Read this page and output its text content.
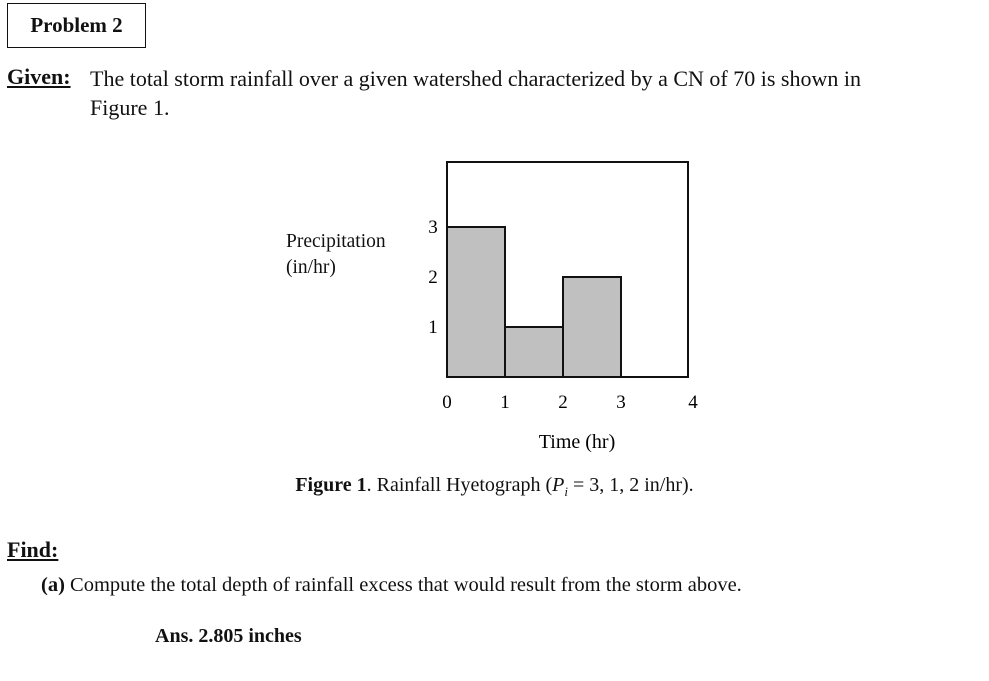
Problem 2
Given: The total storm rainfall over a given watershed characterized by a CN of 70 is shown in
Figure 1.
Precipitation
(in/hr)
0	1	2	3	4
1
2
3
Time (hr)
Figure 1. Rainfall Hyetograph ($P_i = 3$, 1, 2 in/hr).
Find:
(a) Compute the total depth of rainfall excess that would result from the storm above.
Ans. 2.805 inches
